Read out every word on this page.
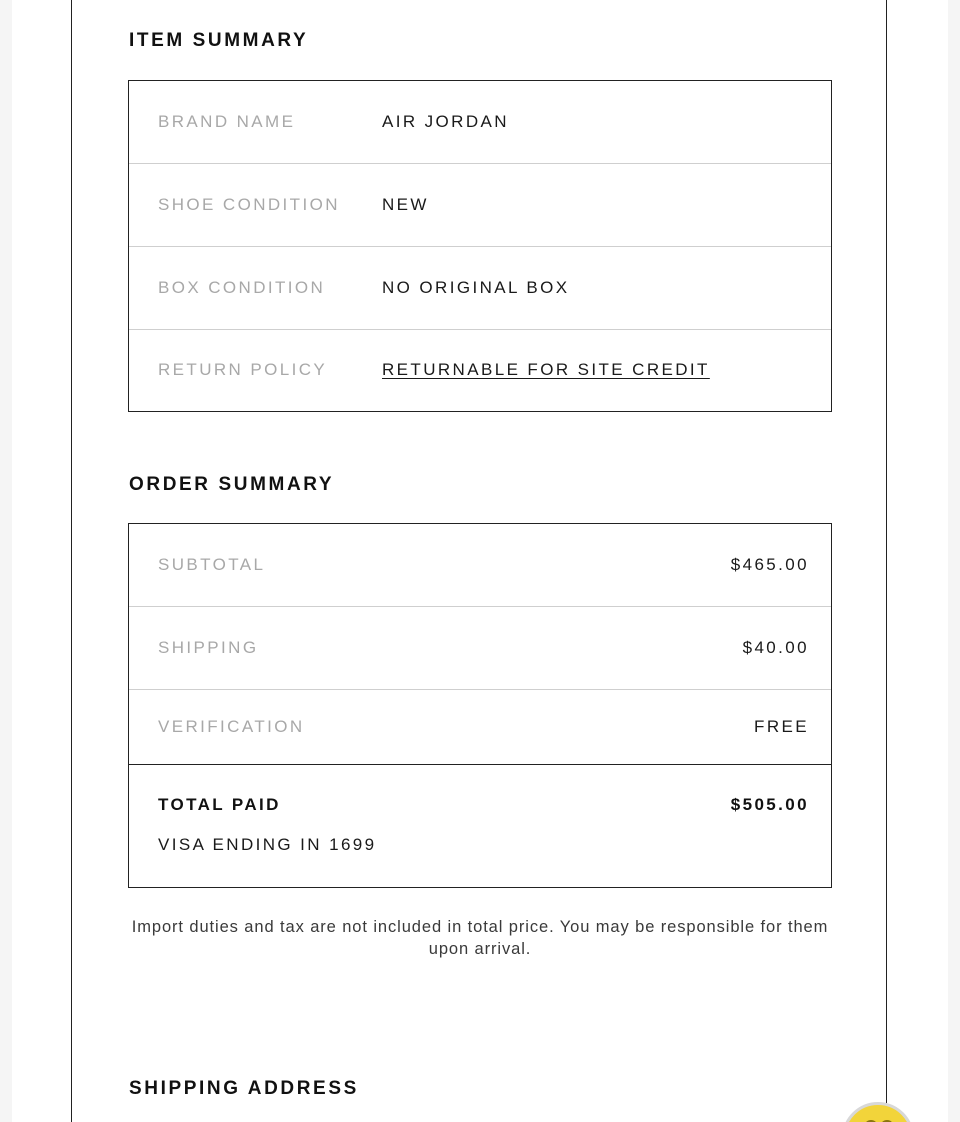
ITEM SUMMARY
BRAND NAME	AIR JORDAN
SHOE CONDITION	NEW
BOX CONDITION	NO ORIGINAL BOX
RETURN POLICY	RETURNABLE FOR SITE CREDIT
ORDER SUMMARY
SUBTOTAL	$465.00
SHIPPING	$40.00
VERIFICATION	FREE
TOTAL PAID	$505.00
VISA ENDING IN 1699

Import duties and tax are not included in total price. You may be responsible for them upon arrival.

SHIPPING ADDRESS
